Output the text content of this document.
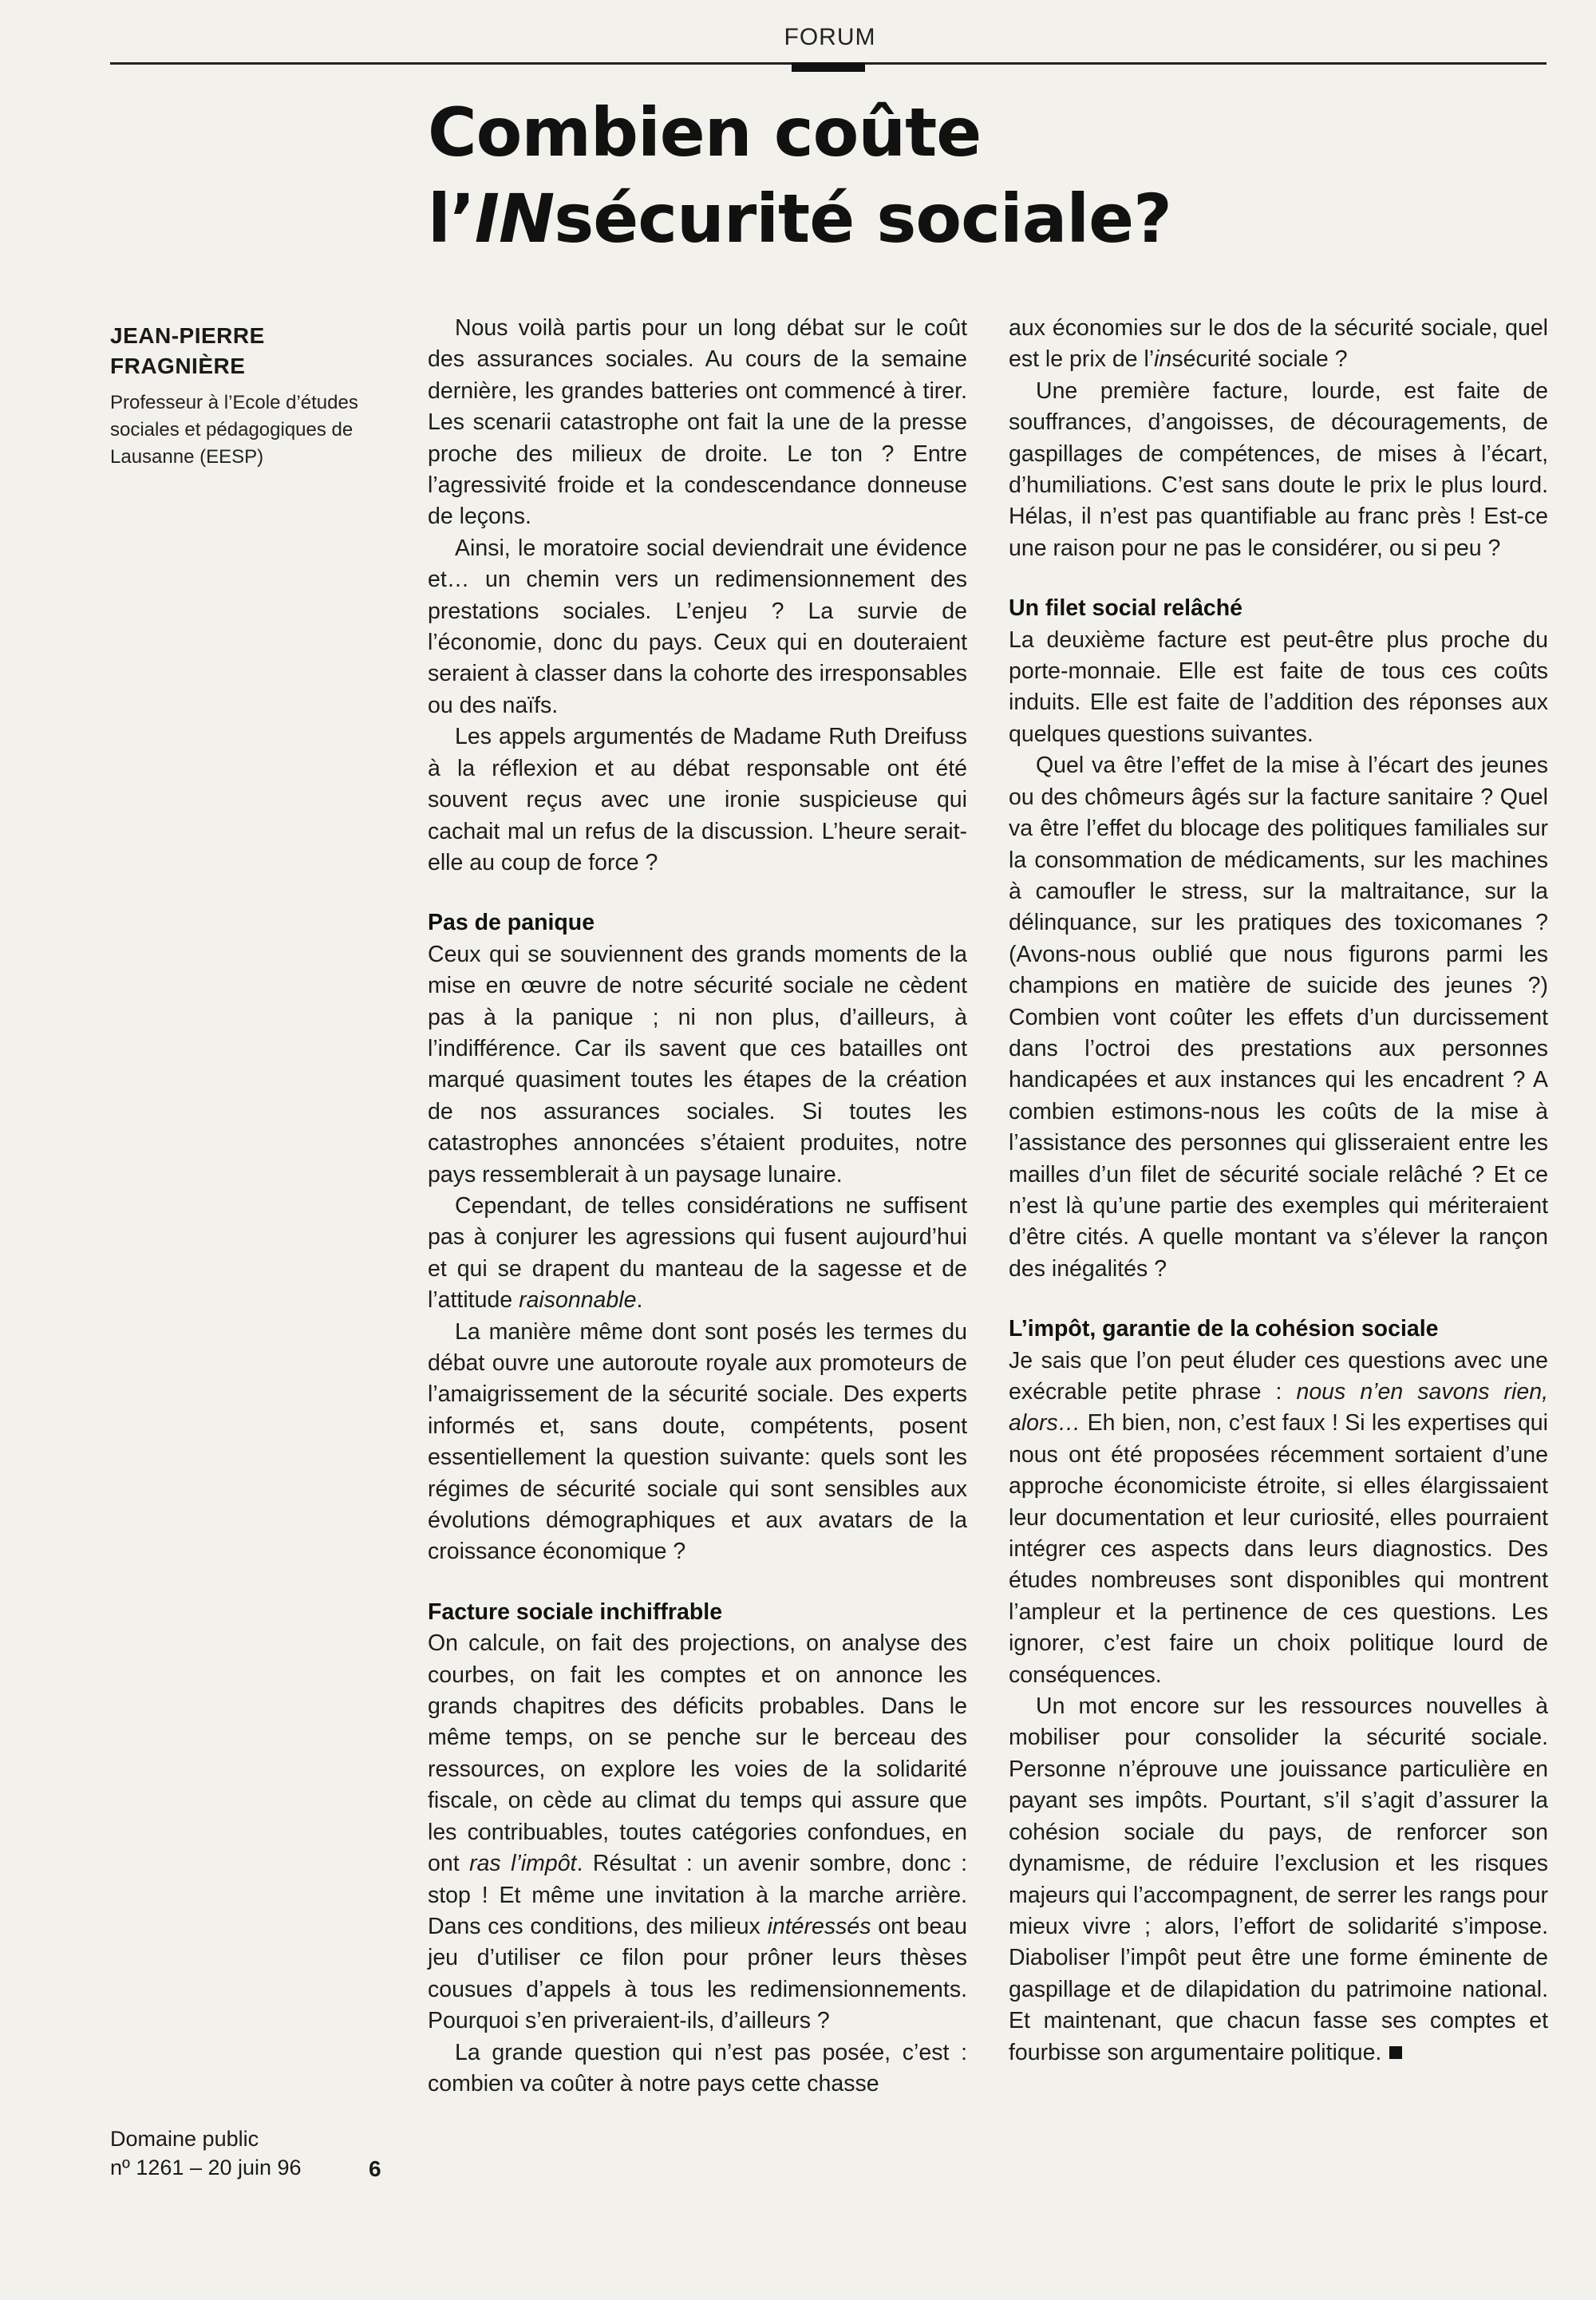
FORUM
Combien coûte
l’INsécurité sociale?

JEAN-PIERRE
FRAGNIÈRE

Professeur à l’Ecole d’études sociales et pédagogiques de Lausanne (EESP)

Domaine public
nº 1261 – 20 juin 96	6

Nous voilà partis pour un long débat sur le coût des assurances sociales. Au cours de la semaine dernière, les grandes batteries ont commencé à tirer. Les scenarii catastrophe ont fait la une de la presse proche des milieux de droite. Le ton ? Entre l’agressivité froide et la condescendance donneuse de leçons.

Ainsi, le moratoire social deviendrait une évidence et… un chemin vers un redimensionnement des prestations sociales. L’enjeu ? La survie de l’économie, donc du pays. Ceux qui en douteraient seraient à classer dans la cohorte des irresponsables ou des naïfs.

Les appels argumentés de Madame Ruth Dreifuss à la réflexion et au débat responsable ont été souvent reçus avec une ironie suspicieuse qui cachait mal un refus de la discussion. L’heure serait-elle au coup de force ?

Pas de panique

Ceux qui se souviennent des grands moments de la mise en œuvre de notre sécurité sociale ne cèdent pas à la panique ; ni non plus, d’ailleurs, à l’indifférence. Car ils savent que ces batailles ont marqué quasiment toutes les étapes de la création de nos assurances sociales. Si toutes les catastrophes annoncées s’étaient produites, notre pays ressemblerait à un paysage lunaire.

Cependant, de telles considérations ne suffisent pas à conjurer les agressions qui fusent aujourd’hui et qui se drapent du manteau de la sagesse et de l’attitude raisonnable.

La manière même dont sont posés les termes du débat ouvre une autoroute royale aux promoteurs de l’amaigrissement de la sécurité sociale. Des experts informés et, sans doute, compétents, posent essentiellement la question suivante: quels sont les régimes de sécurité sociale qui sont sensibles aux évolutions démographiques et aux avatars de la croissance économique ?

Facture sociale inchiffrable

On calcule, on fait des projections, on analyse des courbes, on fait les comptes et on annonce les grands chapitres des déficits probables. Dans le même temps, on se penche sur le berceau des ressources, on explore les voies de la solidarité fiscale, on cède au climat du temps qui assure que les contribuables, toutes catégories confondues, en ont ras l’impôt. Résultat : un avenir sombre, donc : stop ! Et même une invitation à la marche arrière. Dans ces conditions, des milieux intéressés ont beau jeu d’utiliser ce filon pour prôner leurs thèses cousues d’appels à tous les redimensionnements. Pourquoi s’en priveraient-ils, d’ailleurs ?

La grande question qui n’est pas posée, c’est : combien va coûter à notre pays cette chasse

aux économies sur le dos de la sécurité sociale, quel est le prix de l’insécurité sociale ?

Une première facture, lourde, est faite de souffrances, d’angoisses, de découragements, de gaspillages de compétences, de mises à l’écart, d’humiliations. C’est sans doute le prix le plus lourd. Hélas, il n’est pas quantifiable au franc près ! Est-ce une raison pour ne pas le considérer, ou si peu ?

Un filet social relâché

La deuxième facture est peut-être plus proche du porte-monnaie. Elle est faite de tous ces coûts induits. Elle est faite de l’addition des réponses aux quelques questions suivantes.

Quel va être l’effet de la mise à l’écart des jeunes ou des chômeurs âgés sur la facture sanitaire ? Quel va être l’effet du blocage des politiques familiales sur la consommation de médicaments, sur les machines à camoufler le stress, sur la maltraitance, sur la délinquance, sur les pratiques des toxicomanes ? (Avons-nous oublié que nous figurons parmi les champions en matière de suicide des jeunes ?) Combien vont coûter les effets d’un durcissement dans l’octroi des prestations aux personnes handicapées et aux instances qui les encadrent ? A combien estimons-nous les coûts de la mise à l’assistance des personnes qui glisseraient entre les mailles d’un filet de sécurité sociale relâché ? Et ce n’est là qu’une partie des exemples qui mériteraient d’être cités. A quelle montant va s’élever la rançon des inégalités ?

L’impôt, garantie de la cohésion sociale

Je sais que l’on peut éluder ces questions avec une exécrable petite phrase : nous n’en savons rien, alors… Eh bien, non, c’est faux ! Si les expertises qui nous ont été proposées récemment sortaient d’une approche économiciste étroite, si elles élargissaient leur documentation et leur curiosité, elles pourraient intégrer ces aspects dans leurs diagnostics. Des études nombreuses sont disponibles qui montrent l’ampleur et la pertinence de ces questions. Les ignorer, c’est faire un choix politique lourd de conséquences.

Un mot encore sur les ressources nouvelles à mobiliser pour consolider la sécurité sociale. Personne n’éprouve une jouissance particulière en payant ses impôts. Pourtant, s’il s’agit d’assurer la cohésion sociale du pays, de renforcer son dynamisme, de réduire l’exclusion et les risques majeurs qui l’accompagnent, de serrer les rangs pour mieux vivre ; alors, l’effort de solidarité s’impose. Diaboliser l’impôt peut être une forme éminente de gaspillage et de dilapidation du patrimoine national. Et maintenant, que chacun fasse ses comptes et fourbisse son argumentaire politique.
